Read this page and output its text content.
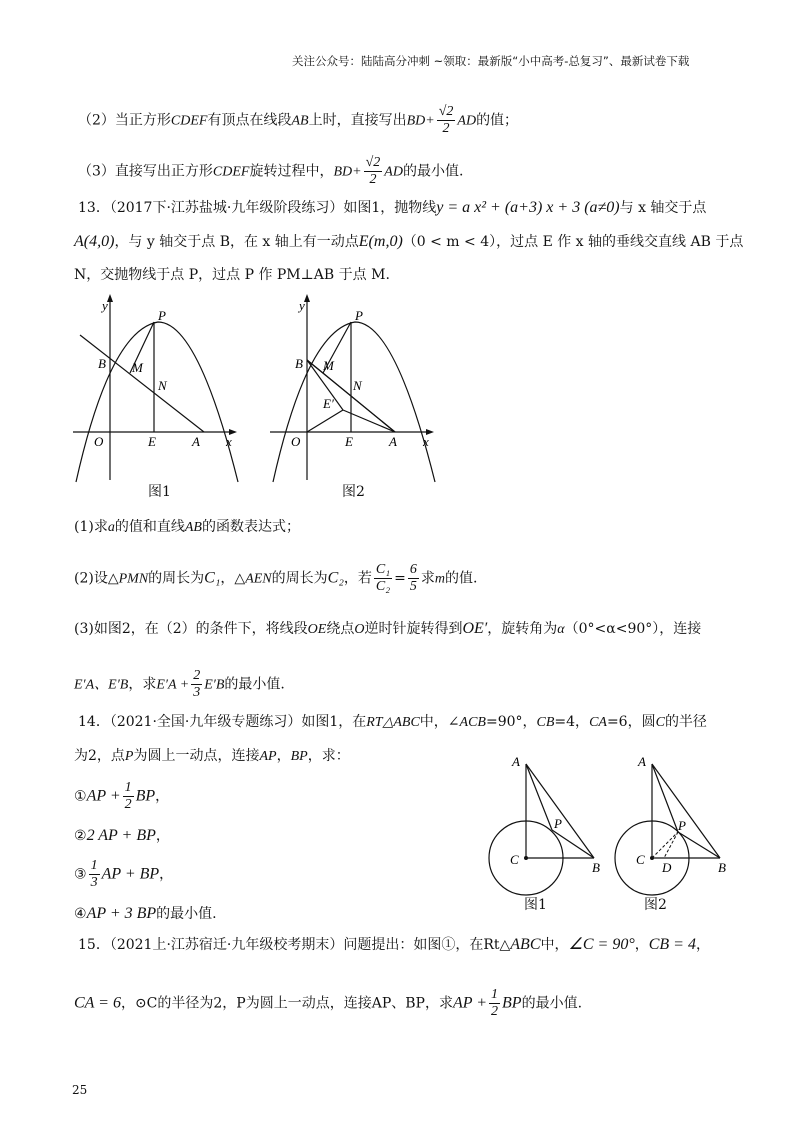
关注公众号：陆陆高分冲刺 ~领取：最新版“小中高考-总复习”、最新试卷下载
（2）当正方形CDEF有顶点在线段AB上时，直接写出$BD+ \frac{√2}{2}$ AD的值；
（3）直接写出正方形CDEF旋转过程中，$BD+ \frac{√2}{2}$ AD的最小值.
13．（2017下·江苏盐城·九年级阶段练习）如图1，抛物线y = a x² + (a+3) x + 3 (a≠0)与 x 轴交于点
A(4,0)，与 y 轴交于点 B，在 x 轴上有一动点E(m,0)（0 < m < 4），过点 E 作 x 轴的垂线交直线 AB 于点
N，交抛物线于点 P，过点 P 作 PM⊥AB 于点 M.
y
x
O	E	A
B
P
M
N
图1
y
x
O	E	A
B
P
M
N
E′
图2
(1)求a的值和直线AB的函数表达式；
(2)设△PMN的周长为C₁，△AEN的周长为C₂，若 $\frac{\text{C₁}}{\text{C₂}} = \frac{6}{5}$ 求m的值.
(3)如图2，在（2）的条件下，将线段OE绕点O逆时针旋转得到OE′，旋转角为α（0°<α<90°），连接
E′A、E′B，求$E'A + \frac{2}{3} E'B$的最小值.
14．（2021·全国·九年级专题练习）如图1，在RT△ABC中，∠ACB=90°，CB=4，CA=6，圆C的半径
为2，点P为圆上一动点，连接AP，BP，求：
①AP + $\frac{1}{2}$ BP，
②2 AP + BP，
③ $\frac{1}{3}$ AP + BP，
④AP + 3 BP的最小值.
A
B
C
P
图1
A
B
C
D
P
图2
15．（2021上·江苏宿迁·九年级校考期末）问题提出：如图①，在Rt△ABC中，∠C = 90°，CB = 4，
CA = 6，⊙C的半径为2，P为圆上一动点，连接AP、BP，求AP + $\frac{1}{2}$ BP的最小值.
25
